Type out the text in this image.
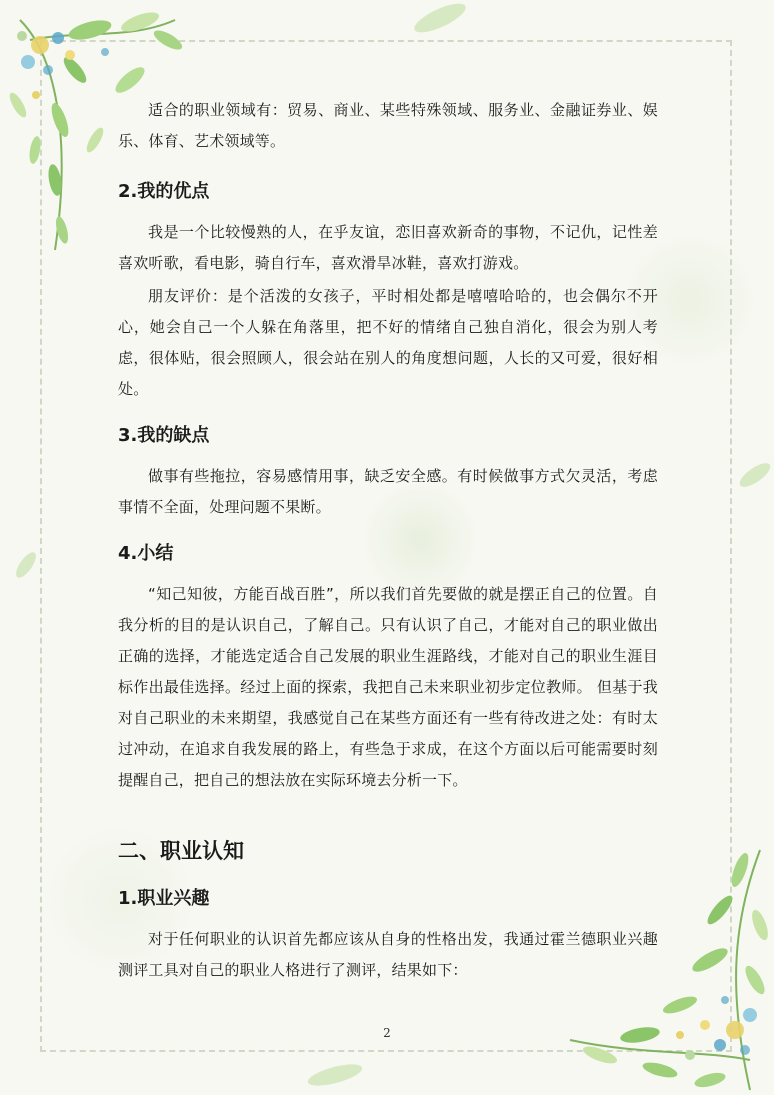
适合的职业领域有：贸易、商业、某些特殊领域、服务业、金融证券业、娱乐、体育、艺术领域等。

2.我的优点

我是一个比较慢熟的人，在乎友谊，恋旧喜欢新奇的事物，不记仇，记性差喜欢听歌，看电影，骑自行车，喜欢滑旱冰鞋，喜欢打游戏。

朋友评价：是个活泼的女孩子，平时相处都是嘻嘻哈哈的，也会偶尔不开心，她会自己一个人躲在角落里，把不好的情绪自己独自消化，很会为别人考虑，很体贴，很会照顾人，很会站在别人的角度想问题，人长的又可爱，很好相处。

3.我的缺点

做事有些拖拉，容易感情用事，缺乏安全感。有时候做事方式欠灵活，考虑事情不全面，处理问题不果断。

4.小结

“知己知彼，方能百战百胜”，所以我们首先要做的就是摆正自己的位置。自我分析的目的是认识自己，了解自己。只有认识了自己，才能对自己的职业做出正确的选择，才能选定适合自己发展的职业生涯路线，才能对自己的职业生涯目标作出最佳选择。经过上面的探索，我把自己未来职业初步定位教师。 但基于我对自己职业的未来期望，我感觉自己在某些方面还有一些有待改进之处：有时太过冲动，在追求自我发展的路上，有些急于求成，在这个方面以后可能需要时刻提醒自己，把自己的想法放在实际环境去分析一下。

二、职业认知
1.职业兴趣

对于任何职业的认识首先都应该从自身的性格出发，我通过霍兰德职业兴趣测评工具对自己的职业人格进行了测评，结果如下：

2
